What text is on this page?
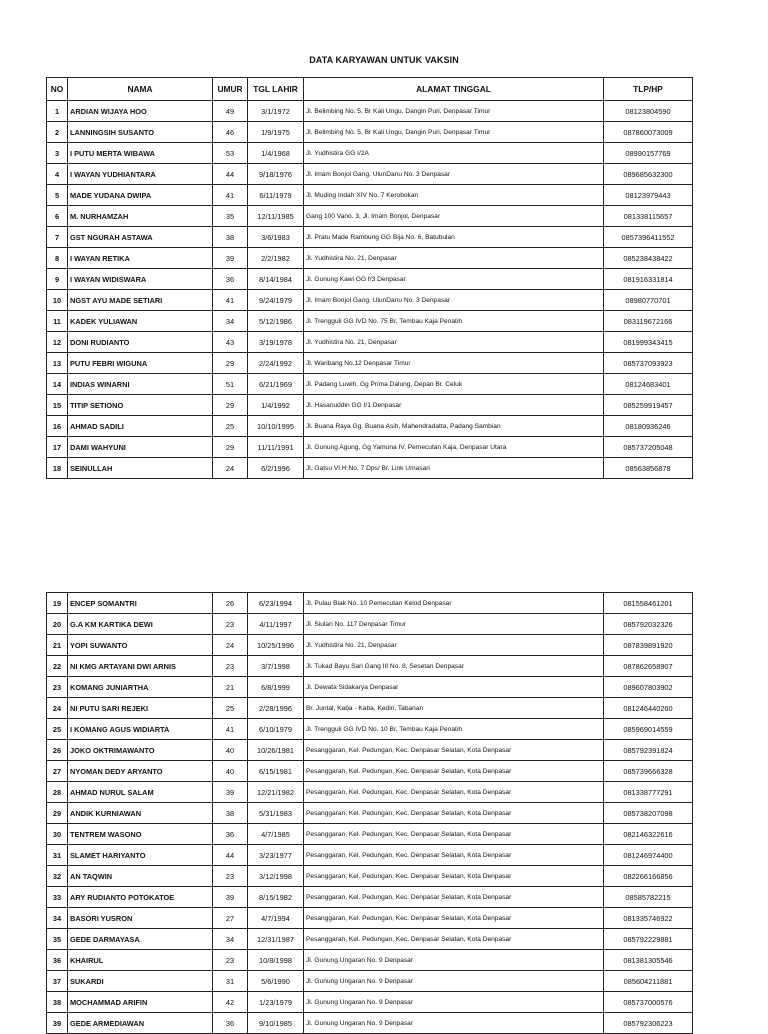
DATA KARYAWAN UNTUK VAKSIN
NO	NAMA	UMUR	TGL LAHIR	ALAMAT TINGGAL	TLP/HP
1	ARDIAN WIJAYA HOO	49	3/1/1972	Jl. Belimbing No. 5, Br Kali Ungu, Dangin Puri, Denpasar Timur	08123804590
2	LANNINGSIH SUSANTO	46	1/9/1975	Jl. Belimbing No. 5, Br Kali Ungu, Dangin Puri, Denpasar Timur	087860073009
3	I PUTU MERTA WIBAWA	53	1/4/1968	Jl. Yudhistira GG I/2A	08990157769
4	I WAYAN YUDHIANTARA	44	9/18/1976	Jl. Imam Bonjol Gang. UlunDanu No. 3 Denpasar	089685632300
5	MADE YUDANA DWIPA	41	6/11/1979	Jl. Muding Indah XIV No. 7 Kerobokan	08123979443
6	M. NURHAMZAH	35	12/11/1985	Gang 100 Vano. 3, Jl. Imam Bonjol, Denpasar	081338115657
7	GST NGURAH ASTAWA	38	3/6/1983	Jl. Pratu Made Rambung GG Bija No. 6, Batubulan	0857396411552
8	I WAYAN RETIKA	39	2/2/1982	Jl. Yudhistira No. 21, Denpasar	085238438422
9	I WAYAN WIDISWARA	36	8/14/1984	Jl. Gunung Kawi GG f/3 Denpasar	081916331814
10	NGST AYU MADE SETIARI	41	9/24/1979	Jl. Imam Bonjol Gang. UlunDanu No. 3 Denpasar	08980770701
11	KADEK YULIAWAN	34	5/12/1986	Jl. Trengguli GG IVD No. 75 Br. Tembau Kaja Penatih	083119672166
12	DONI RUDIANTO	43	3/19/1978	Jl. Yudhistira No. 21, Denpasar	081999343415
13	PUTU FEBRI WIGUNA	29	2/24/1992	Jl. Waribang No.12 Denpasar Timur	085737093923
14	INDIAS WINARNI	51	6/21/1969	Jl. Padang Luwih, Gg Prima Dalung, Depan Br. Celuk	08124683401
15	TITIP SETIONO	29	1/4/1992	Jl. Hasanuddin GG I/1 Denpasar	085259919457
16	AHMAD SADILI	25	10/10/1995	Jl. Buana Raya Gg. Buana Asih, Mahendradatta, Padang Sambian	08180936246
17	DAMI WAHYUNI	29	11/11/1991	Jl. Gunung Agung, Gg Yamuna IV, Pemecutan Kaja, Denpasar Utara	085737205048
18	SEINULLAH	24	6/2/1996	Jl. Gatsu VI H No. 7 Dps/ Br. Link Umasari	08563856878
19	ENCEP SOMANTRI	26	6/23/1994	Jl. Pulau Biak No. 10 Pemecutan Kelod Denpasar	081558461201
20	G.A KM KARTIKA DEWI	23	4/11/1997	Jl. Siulan No. 117 Denpasar Timur	085792032326
21	YOPI SUWANTO	24	10/25/1996	Jl. Yudhistira No. 21, Denpasar	087839891920
22	NI KMG ARTAYANI DWI ARNIS	23	3/7/1998	Jl. Tukad Bayu Sari Gang III No. 8, Sesetan Denpasar	087862658907
23	KOMANG JUNIARTHA	21	6/8/1999	Jl. Dewata Sidakarya Denpasar	089607803902
24	NI PUTU SARI REJEKI	25	2/28/1996	Br. Juntal, Kaba - Kaba, Kediri, Tabanan	081246440260
25	I KOMANG AGUS WIDIARTA	41	6/10/1979	Jl. Trengguli GG IVD No. 10 Br. Tembau Kaja Penatih	085969014559
26	JOKO OKTRIMAWANTO	40	10/26/1981	Pesanggaran, Kel. Pedungan, Kec. Denpasar Selatan, Kota Denpasar	085792391824
27	NYOMAN DEDY ARYANTO	40	6/15/1981	Pesanggaran, Kel. Pedungan, Kec. Denpasar Selatan, Kota Denpasar	085739666328
28	AHMAD NURUL SALAM	39	12/21/1982	Pesanggaran, Kel. Pedungan, Kec. Denpasar Selatan, Kota Denpasar	081338777291
29	ANDIK KURNIAWAN	38	5/31/1983	Pesanggaran, Kel. Pedungan, Kec. Denpasar Selatan, Kota Denpasar	085738207098
30	TENTREM WASONO	36	4/7/1985	Pesanggaran, Kel. Pedungan, Kec. Denpasar Selatan, Kota Denpasar	082146322616
31	SLAMET HARIYANTO	44	3/23/1977	Pesanggaran, Kel. Pedungan, Kec. Denpasar Selatan, Kota Denpasar	081246974400
32	AN TAQWIN	23	3/12/1998	Pesanggaran, Kel. Pedungan, Kec. Denpasar Selatan, Kota Denpasar	082266166856
33	ARY RUDIANTO POTOKATOE	39	8/15/1982	Pesanggaran, Kel. Pedungan, Kec. Denpasar Selatan, Kota Denpasar	08585782215
34	BASORI YUSRON	27	4/7/1994	Pesanggaran, Kel. Pedungan, Kec. Denpasar Selatan, Kota Denpasar	081335746922
35	GEDE DARMAYASA	34	12/31/1987	Pesanggaran, Kel. Pedungan, Kec. Denpasar Selatan, Kota Denpasar	085792229881
36	KHAIRUL	23	10/8/1998	Jl. Gunung Ungaran No. 9 Denpasar	081381305546
37	SUKARDI	31	5/6/1990	Jl. Gunung Ungaran No. 9 Denpasar	085604211881
38	MOCHAMMAD ARIFIN	42	1/23/1979	Jl. Gunung Ungaran No. 9 Denpasar	085737000576
39	GEDE ARMEDIAWAN	36	9/10/1985	Jl. Gunung Ungaran No. 9 Denpasar	085792306223
